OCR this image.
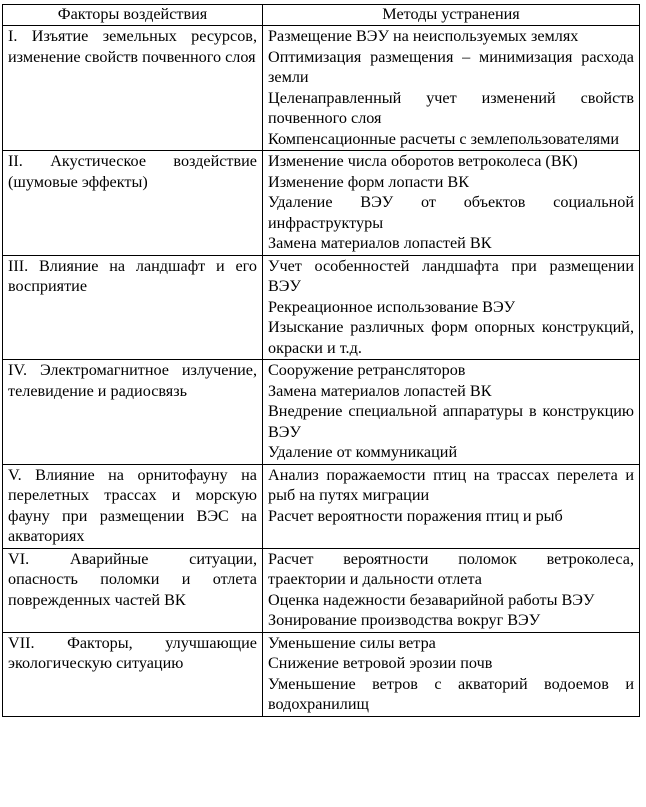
Факторы воздействия	Методы устранения

I. Изъятие земельных ресурсов, изменение свойств почвенного слоя	Размещение ВЭУ на неиспользуемых землях
Оптимизация размещения – минимизация расхода земли
Целенаправленный учет изменений свойств почвенного слоя
Компенсационные расчеты с землепользователями

II. Акустическое воздействие (шумовые эффекты)	Изменение числа оборотов ветроколеса (ВК)
Изменение форм лопасти ВК
Удаление ВЭУ от объектов социальной инфраструктуры
Замена материалов лопастей ВК

III. Влияние на ландшафт и его восприятие	Учет особенностей ландшафта при размещении ВЭУ
Рекреационное использование ВЭУ
Изыскание различных форм опорных конструкций, окраски и т.д.

IV. Электромагнитное излучение, телевидение и радиосвязь	Сооружение ретрансляторов
Замена материалов лопастей ВК
Внедрение специальной аппаратуры в конструкцию ВЭУ
Удаление от коммуникаций

V. Влияние на орнитофауну на перелетных трассах и морскую фауну при размещении ВЭС на акваториях	Анализ поражаемости птиц на трассах перелета и рыб на путях миграции
Расчет вероятности поражения птиц и рыб

VI. Аварийные ситуации, опасность поломки и отлета поврежденных частей ВК	Расчет вероятности поломок ветроколеса, траектории и дальности отлета
Оценка надежности безаварийной работы ВЭУ
Зонирование производства вокруг ВЭУ

VII. Факторы, улучшающие экологическую ситуацию	Уменьшение силы ветра
Снижение ветровой эрозии почв
Уменьшение ветров с акваторий водоемов и водохранилищ
